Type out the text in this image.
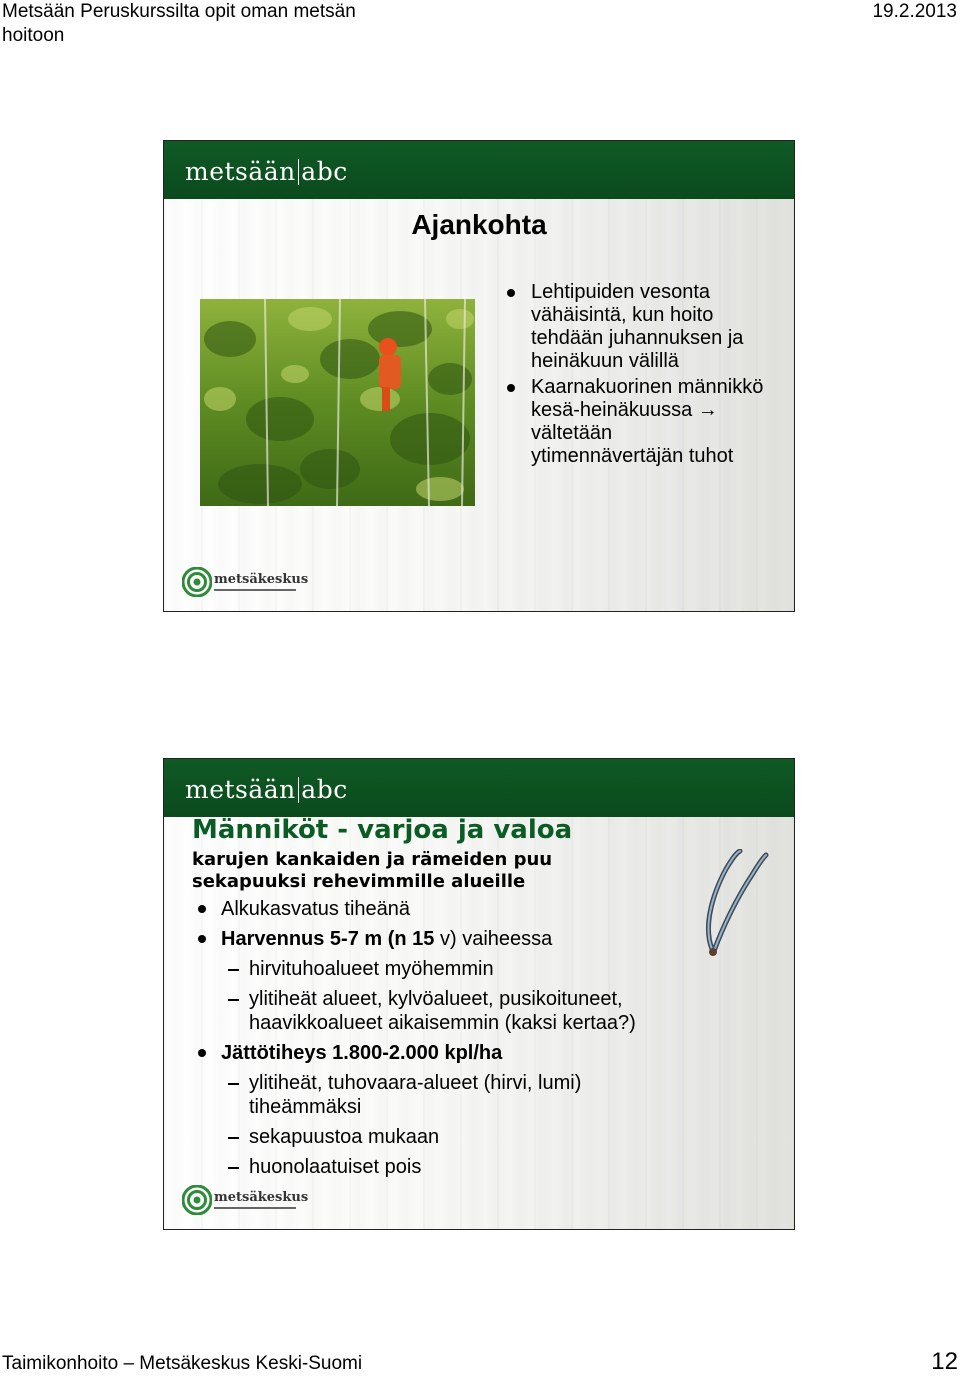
Metsään Peruskurssilta opit oman metsän hoitoon
19.2.2013
metsään abc
Ajankohta
Lehtipuiden vesonta vähäisintä, kun hoito tehdään juhannuksen ja heinäkuun välillä
Kaarnakuorinen männikkö kesä-heinäkuussa → vältetään ytimennävertäjän tuhot
metsäkeskus
metsään abc
Männiköt - varjoa ja valoa
karujen kankaiden ja rämeiden puu sekapuuksi rehevimmille alueille
Alkukasvatus tiheänä
Harvennus 5-7 m (n 15 v) vaiheessa
hirvituhoalueet myöhemmin
ylitiheät alueet, kylvöalueet, pusikoituneet, haavikkoalueet aikaisemmin (kaksi kertaa?)
Jättötiheys 1.800-2.000 kpl/ha
ylitiheät, tuhovaara-alueet (hirvi, lumi) tiheämmäksi
sekapuustoa mukaan
huonolaatuiset pois
metsäkeskus
Taimikonhoito – Metsäkeskus Keski-Suomi	12
